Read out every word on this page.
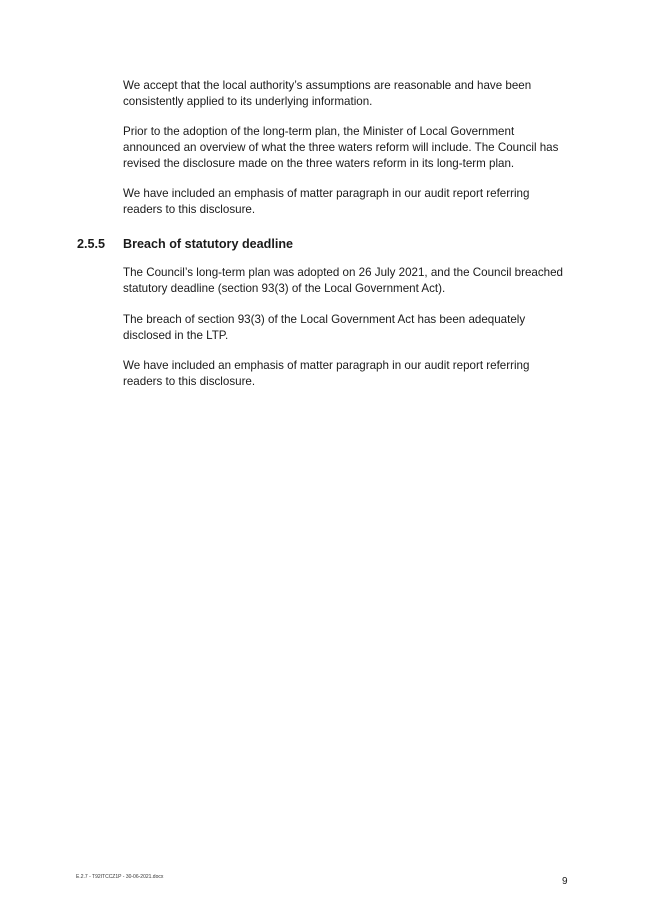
We accept that the local authority’s assumptions are reasonable and have been consistently applied to its underlying information.

Prior to the adoption of the long-term plan, the Minister of Local Government announced an overview of what the three waters reform will include. The Council has revised the disclosure made on the three waters reform in its long-term plan.

We have included an emphasis of matter paragraph in our audit report referring readers to this disclosure.

2.5.5 Breach of statutory deadline

The Council’s long-term plan was adopted on 26 July 2021, and the Council breached statutory deadline (section 93(3) of the Local Government Act).

The breach of section 93(3) of the Local Government Act has been adequately disclosed in the LTP.

We have included an emphasis of matter paragraph in our audit report referring readers to this disclosure.

E.2.7 - T92ITCCZ1P - 30-06-2021.docx	9
